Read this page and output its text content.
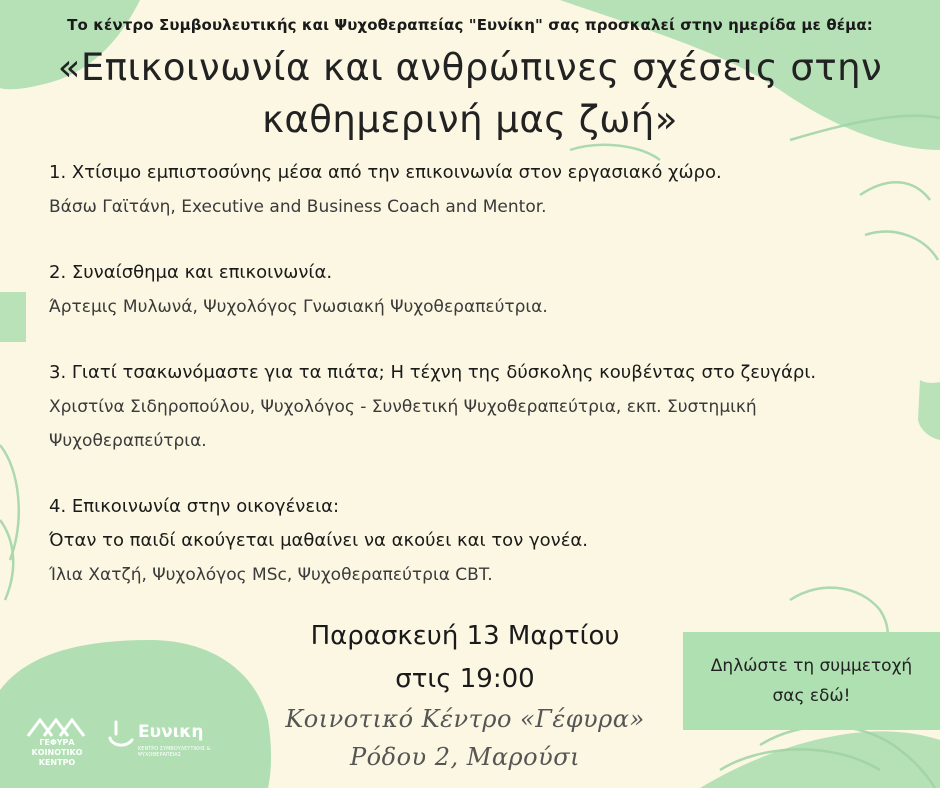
Το κέντρο Συμβουλευτικής και Ψυχοθεραπείας "Ευνίκη" σας προσκαλεί στην ημερίδα με θέμα:
«Επικοινωνία και ανθρώπινες σχέσεις στην
καθημερινή μας ζωή»
1. Χτίσιμο εμπιστοσύνης μέσα από την επικοινωνία στον εργασιακό χώρο.
Βάσω Γαϊτάνη, Executive and Business Coach and Mentor.
2. Συναίσθημα και επικοινωνία.
Άρτεμις Μυλωνά, Ψυχολόγος Γνωσιακή Ψυχοθεραπεύτρια.
3. Γιατί τσακωνόμαστε για τα πιάτα; Η τέχνη της δύσκολης κουβέντας στο ζευγάρι.
Χριστίνα Σιδηροπούλου, Ψυχολόγος - Συνθετική Ψυχοθεραπεύτρια, εκπ. Συστημική
Ψυχοθεραπεύτρια.
4. Επικοινωνία στην οικογένεια:
Όταν το παιδί ακούγεται μαθαίνει να ακούει και τον γονέα.
Ίλια Χατζή, Ψυχολόγος MSc, Ψυχοθεραπεύτρια CBT.
Παρασκευή 13 Μαρτίου
στις 19:00
Κοινοτικό Κέντρο «Γέφυρα»
Ρόδου 2, Μαρούσι
Δηλώστε τη συμμετοχή
σας εδώ!
ΓΕΦΥΡΑ
ΚΟΙΝΟΤΙΚΟ
ΚΕΝΤΡΟ
Ευνικη
ΚΕΝΤΡΟ ΣΥΜΒΟΥΛΕΥΤΙΚΗΣ & ΨΥΧΟΘΕΡΑΠΕΙΑΣ
